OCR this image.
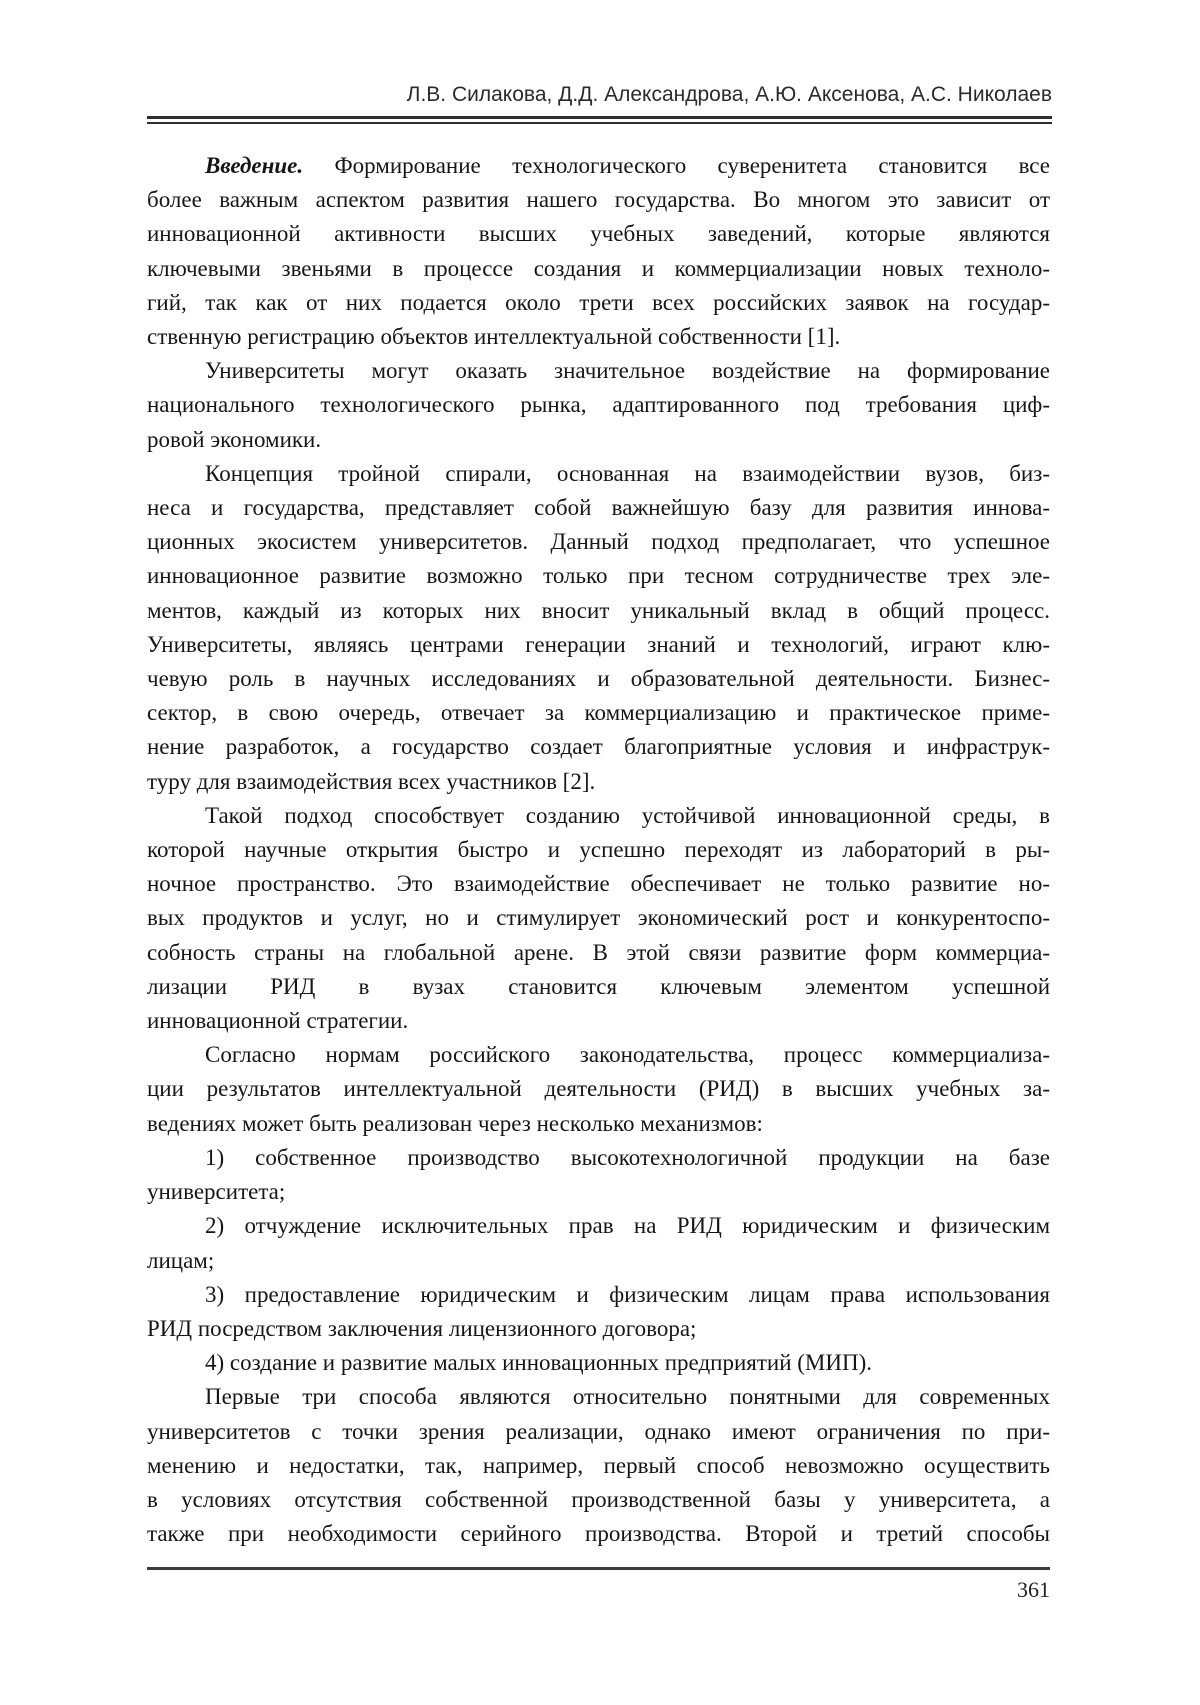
Л.В. Силакова, Д.Д. Александрова, А.Ю. Аксенова, А.С. Николаев
Введение. Формирование технологического суверенитета становится все
более важным аспектом развития нашего государства. Во многом это зависит от
инновационной активности высших учебных заведений, которые являются
ключевыми звеньями в процессе создания и коммерциализации новых техноло-
гий, так как от них подается около трети всех российских заявок на государ-
ственную регистрацию объектов интеллектуальной собственности [1].
Университеты могут оказать значительное воздействие на формирование
национального технологического рынка, адаптированного под требования циф-
ровой экономики.
Концепция тройной спирали, основанная на взаимодействии вузов, биз-
неса и государства, представляет собой важнейшую базу для развития иннова-
ционных экосистем университетов. Данный подход предполагает, что успешное
инновационное развитие возможно только при тесном сотрудничестве трех эле-
ментов, каждый из которых них вносит уникальный вклад в общий процесс.
Университеты, являясь центрами генерации знаний и технологий, играют клю-
чевую роль в научных исследованиях и образовательной деятельности. Бизнес-
сектор, в свою очередь, отвечает за коммерциализацию и практическое приме-
нение разработок, а государство создает благоприятные условия и инфраструк-
туру для взаимодействия всех участников [2].
Такой подход способствует созданию устойчивой инновационной среды, в
которой научные открытия быстро и успешно переходят из лабораторий в ры-
ночное пространство. Это взаимодействие обеспечивает не только развитие но-
вых продуктов и услуг, но и стимулирует экономический рост и конкурентоспо-
собность страны на глобальной арене. В этой связи развитие форм коммерциа-
лизации РИД в вузах становится ключевым элементом успешной
инновационной стратегии.
Согласно нормам российского законодательства, процесс коммерциализа-
ции результатов интеллектуальной деятельности (РИД) в высших учебных за-
ведениях может быть реализован через несколько механизмов:
1) собственное производство высокотехнологичной продукции на базе
университета;
2) отчуждение исключительных прав на РИД юридическим и физическим
лицам;
3) предоставление юридическим и физическим лицам права использования
РИД посредством заключения лицензионного договора;
4) создание и развитие малых инновационных предприятий (МИП).
Первые три способа являются относительно понятными для современных
университетов с точки зрения реализации, однако имеют ограничения по при-
менению и недостатки, так, например, первый способ невозможно осуществить
в условиях отсутствия собственной производственной базы у университета, а
также при необходимости серийного производства. Второй и третий способы
361
